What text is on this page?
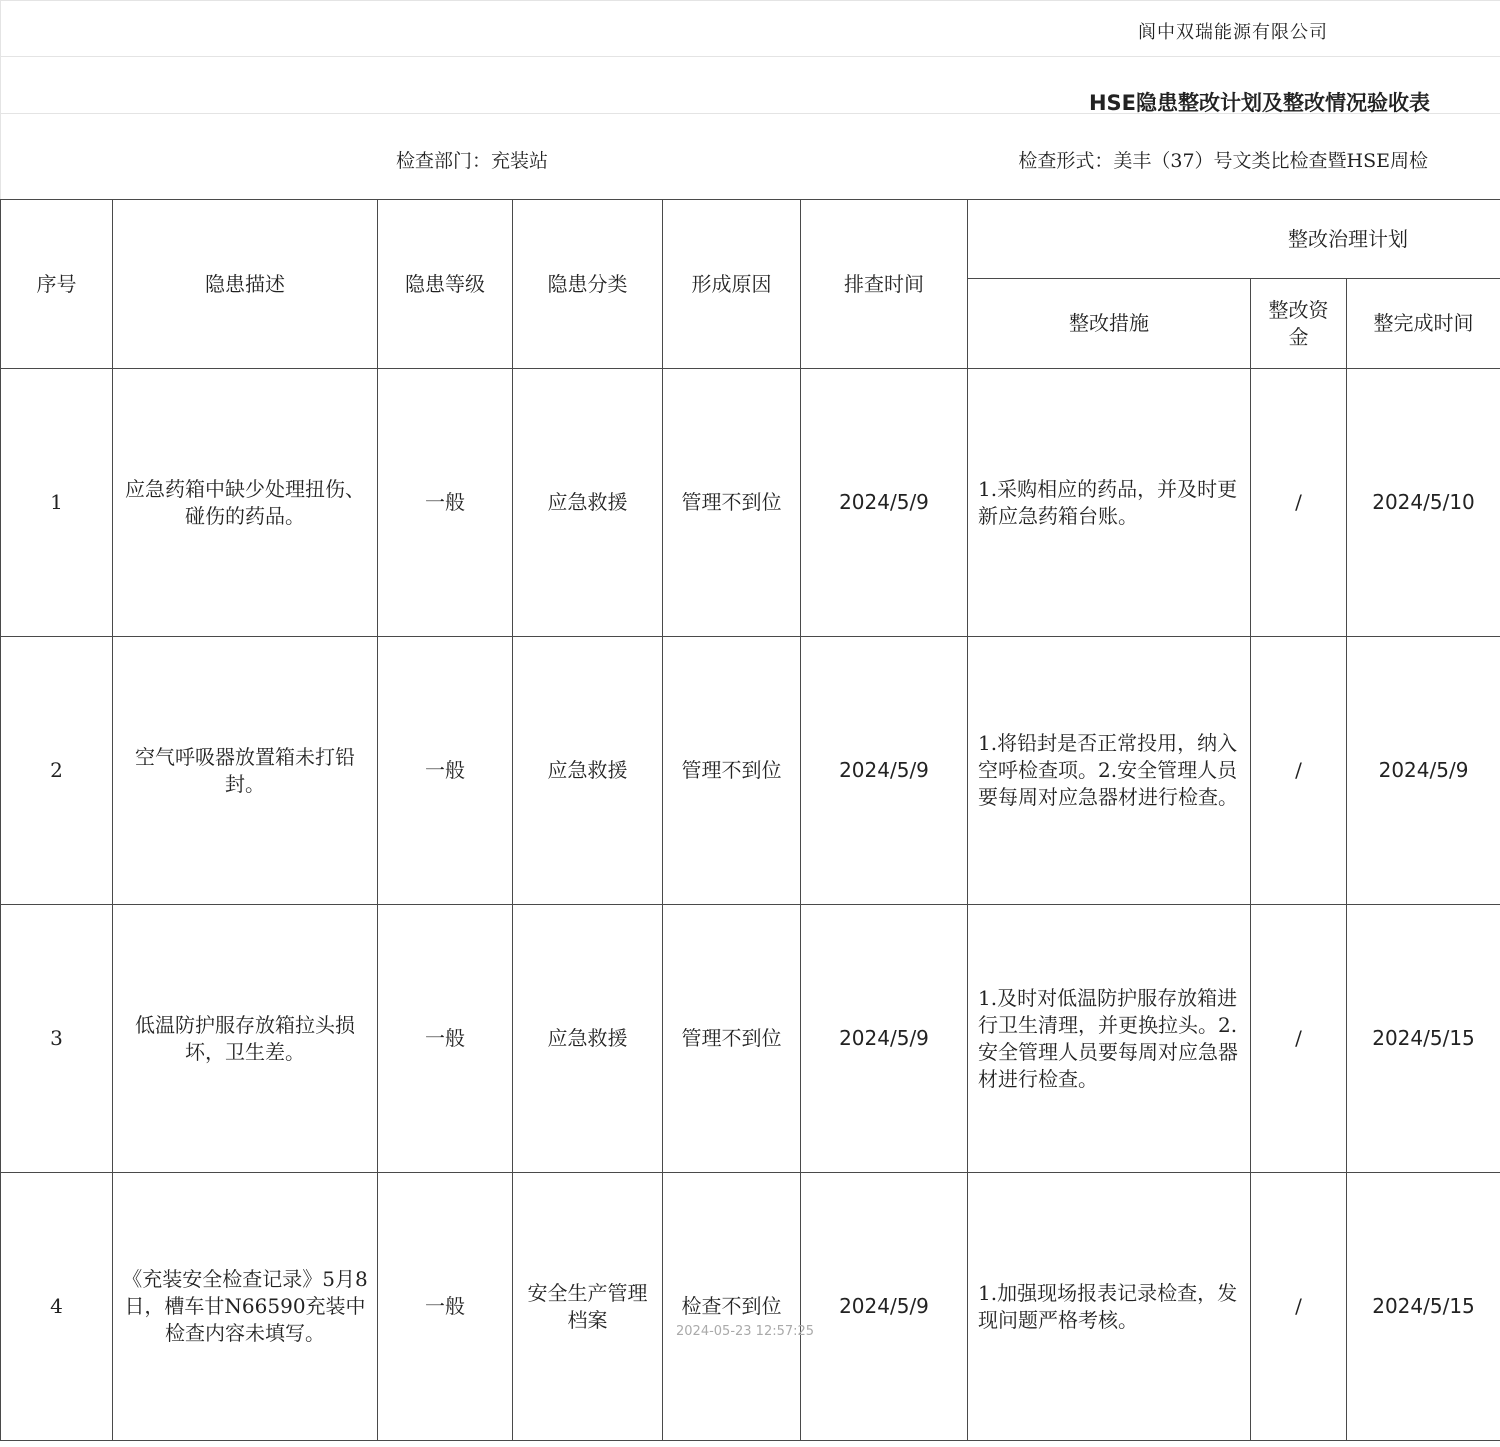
阆中双瑞能源有限公司
HSE隐患整改计划及整改情况验收表
检查部门：充装站	检查形式：美丰（37）号文类比检查暨HSE周检
序号	隐患描述	隐患等级	隐患分类	形成原因	排查时间	整改治理计划		
						整改措施	整改资金	整完成时间
1	应急药箱中缺少处理扭伤、碰伤的药品。	一般	应急救援	管理不到位	2024/5/9	1.采购相应的药品，并及时更新应急药箱台账。	/	2024/5/10
2	空气呼吸器放置箱未打铅封。	一般	应急救援	管理不到位	2024/5/9	1.将铅封是否正常投用，纳入空呼检查项。2.安全管理人员要每周对应急器材进行检查。	/	2024/5/9
3	低温防护服存放箱拉头损坏，卫生差。	一般	应急救援	管理不到位	2024/5/9	1.及时对低温防护服存放箱进行卫生清理，并更换拉头。2.安全管理人员要每周对应急器材进行检查。	/	2024/5/15
4	《充装安全检查记录》5月8日，槽车甘N66590充装中检查内容未填写。	一般	安全生产管理档案	检查不到位	2024/5/9	1.加强现场报表记录检查，发现问题严格考核。	/	2024/5/15
2024-05-23 12:57:25
